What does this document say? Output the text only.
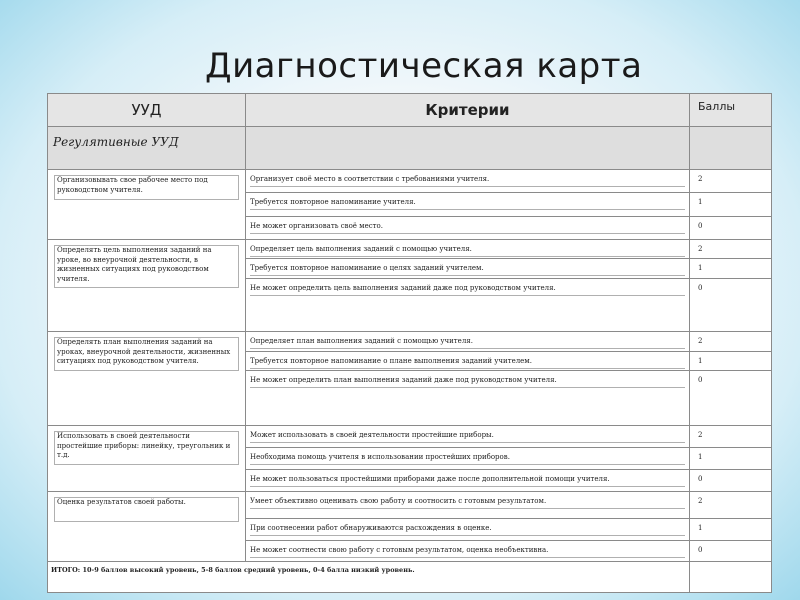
Диагностическая карта
УУД	Критерии	Баллы
Регулятивные УУД		

Организовывать свое рабочее место под руководством учителя.	Организует своё место в соответствии с требованиями учителя.	2

	Требуется повторное напоминание учителя.	1

	Не может организовать своё место.	0

Определять цель выполнения заданий на уроке, во внеурочной деятельности, в жизненных ситуациях под руководством учителя.	Определяет цель выполнения заданий с помощью учителя.	2

	Требуется повторное напоминание о целях заданий учителем.	1

	Не может определить цель выполнения заданий даже под руководством учителя.	0

Определять план выполнения заданий на уроках, внеурочной деятельности, жизненных ситуациях под руководством учителя.	Определяет план выполнения заданий с помощью учителя.	2

	Требуется повторное напоминание о плане выполнения заданий учителем.	1

	Не может определить план выполнения заданий даже под руководством учителя.	0

Использовать в своей деятельности простейшие приборы: линейку, треугольник и т.д.	Может использовать в своей деятельности простейшие приборы.	2

	Необходима помощь учителя в использовании простейших приборов.	1

	Не может пользоваться простейшими приборами даже после дополнительной помощи учителя.	0

Оценка результатов своей работы.	Умеет объективно оценивать свою работу и соотносить с готовым результатом.	2

	При соотнесении работ обнаруживаются расхождения в оценке.	1

	Не может соотнести свою работу с готовым результатом, оценка необъективна.	0
ИТОГО: 10-9 баллов высокий уровень, 5-8 баллов средний уровень, 0-4 балла низкий уровень.		
